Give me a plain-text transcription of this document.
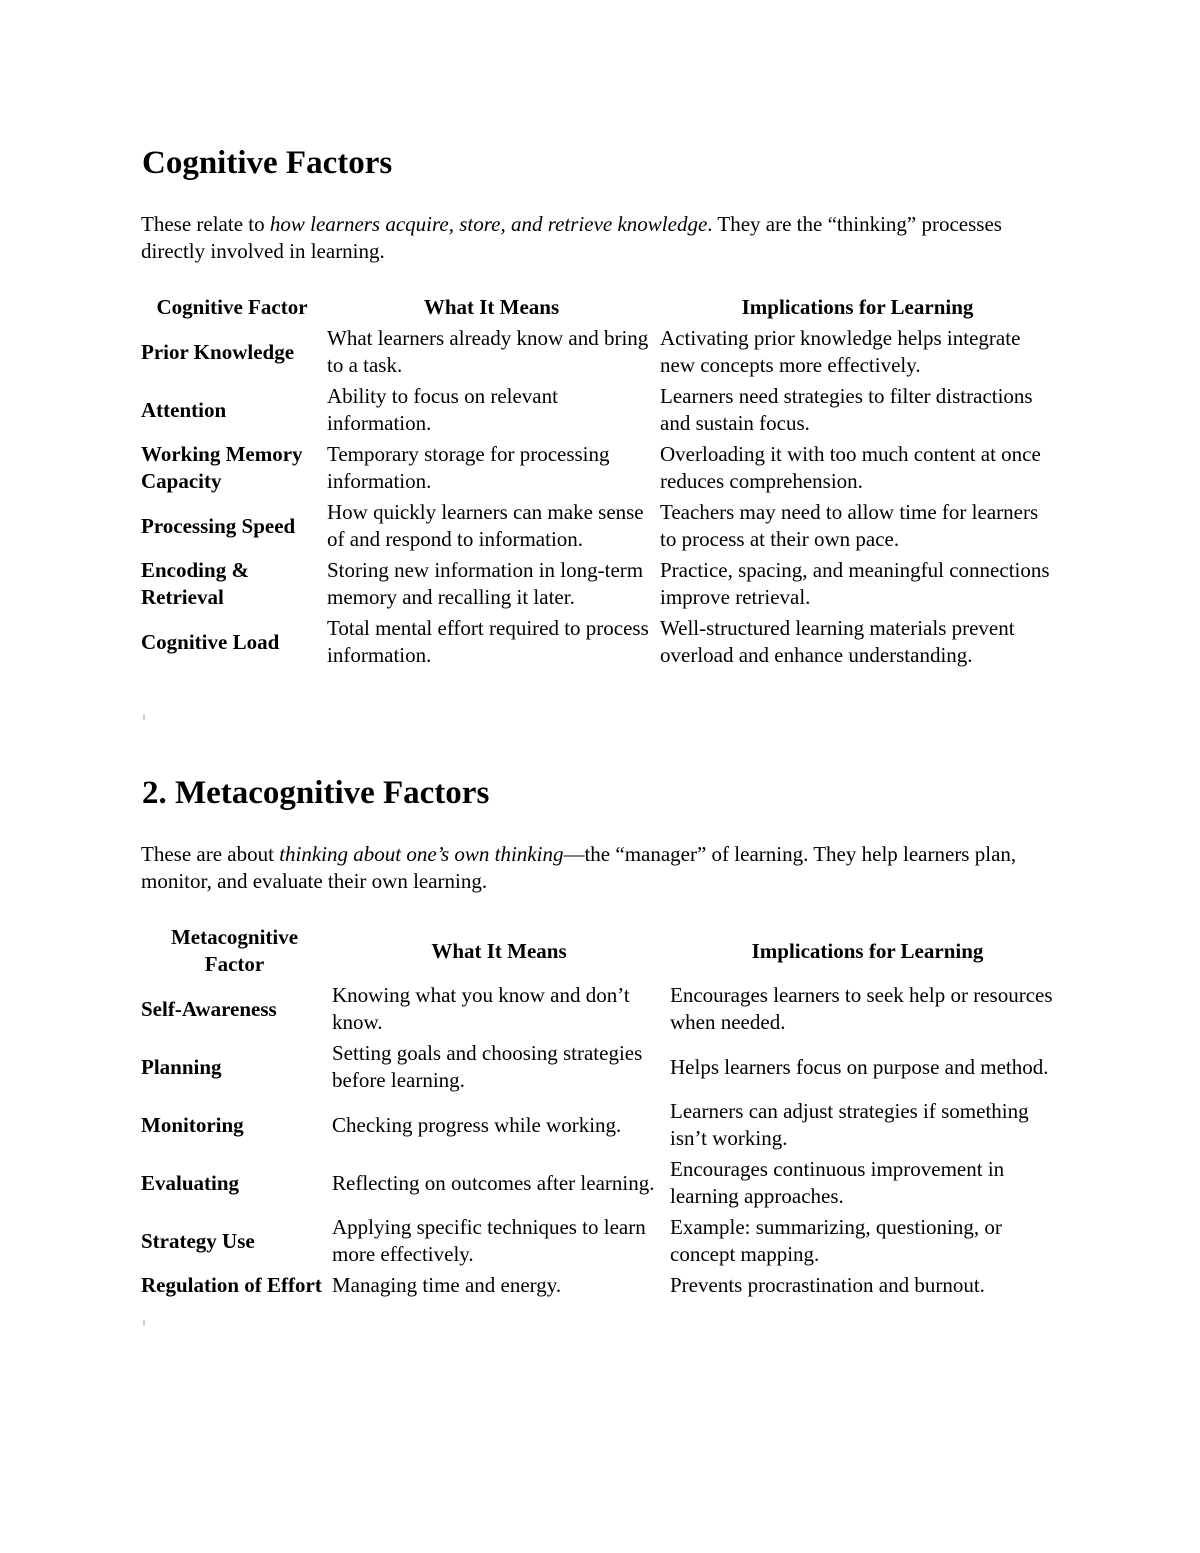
Cognitive Factors

These relate to how learners acquire, store, and retrieve knowledge. They are the “thinking” processes directly involved in learning.

Cognitive Factor	What It Means	Implications for Learning
Prior Knowledge	What learners already know and bring to a task.	Activating prior knowledge helps integrate new concepts more effectively.
Attention	Ability to focus on relevant information.	Learners need strategies to filter distractions and sustain focus.
Working Memory Capacity	Temporary storage for processing information.	Overloading it with too much content at once reduces comprehension.
Processing Speed	How quickly learners can make sense of and respond to information.	Teachers may need to allow time for learners to process at their own pace.
Encoding & Retrieval	Storing new information in long-term memory and recalling it later.	Practice, spacing, and meaningful connections improve retrieval.
Cognitive Load	Total mental effort required to process information.	Well-structured learning materials prevent overload and enhance understanding.
2. Metacognitive Factors

These are about thinking about one’s own thinking—the “manager” of learning. They help learners plan, monitor, and evaluate their own learning.

Metacognitive Factor	What It Means	Implications for Learning
Self-Awareness	Knowing what you know and don’t know.	Encourages learners to seek help or resources when needed.
Planning	Setting goals and choosing strategies before learning.	Helps learners focus on purpose and method.
Monitoring	Checking progress while working.	Learners can adjust strategies if something isn’t working.
Evaluating	Reflecting on outcomes after learning.	Encourages continuous improvement in learning approaches.
Strategy Use	Applying specific techniques to learn more effectively.	Example: summarizing, questioning, or concept mapping.
Regulation of Effort	Managing time and energy.	Prevents procrastination and burnout.
